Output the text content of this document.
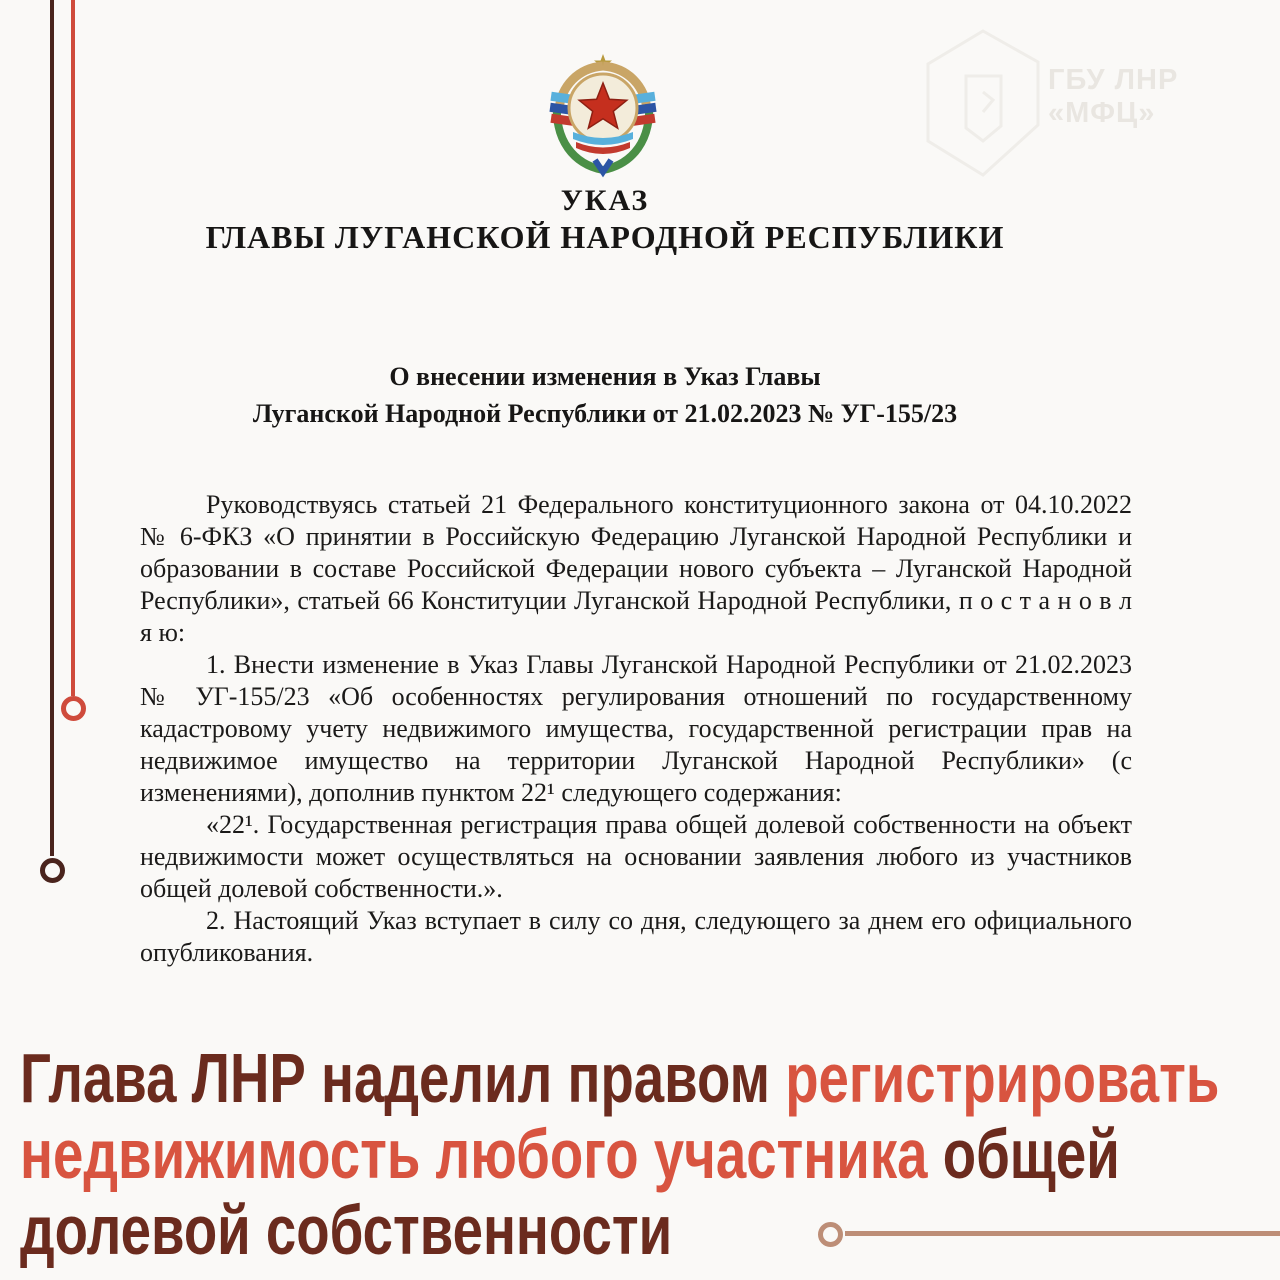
ГБУ ЛНР «МФЦ»
УКАЗ
ГЛАВЫ ЛУГАНСКОЙ НАРОДНОЙ РЕСПУБЛИКИ
О внесении изменения в Указ Главы
Луганской Народной Республики от 21.02.2023 № УГ-155/23

Руководствуясь статьей 21 Федерального конституционного закона от 04.10.2022 № 6-ФКЗ «О принятии в Российскую Федерацию Луганской Народной Республики и образовании в составе Российской Федерации нового субъекта – Луганской Народной Республики», статьей 66 Конституции Луганской Народной Республики, п о с т а н о в л я ю:

1. Внести изменение в Указ Главы Луганской Народной Республики от 21.02.2023 № УГ-155/23 «Об особенностях регулирования отношений по государственному кадастровому учету недвижимого имущества, государственной регистрации прав на недвижимое имущество на территории Луганской Народной Республики» (с изменениями), дополнив пунктом 22¹ следующего содержания:

«22¹. Государственная регистрация права общей долевой собственности на объект недвижимости может осуществляться на основании заявления любого из участников общей долевой собственности.».

2. Настоящий Указ вступает в силу со дня, следующего за днем его официального опубликования.

Глава ЛНР наделил правом регистрировать
недвижимость любого участника общей
долевой собственности
